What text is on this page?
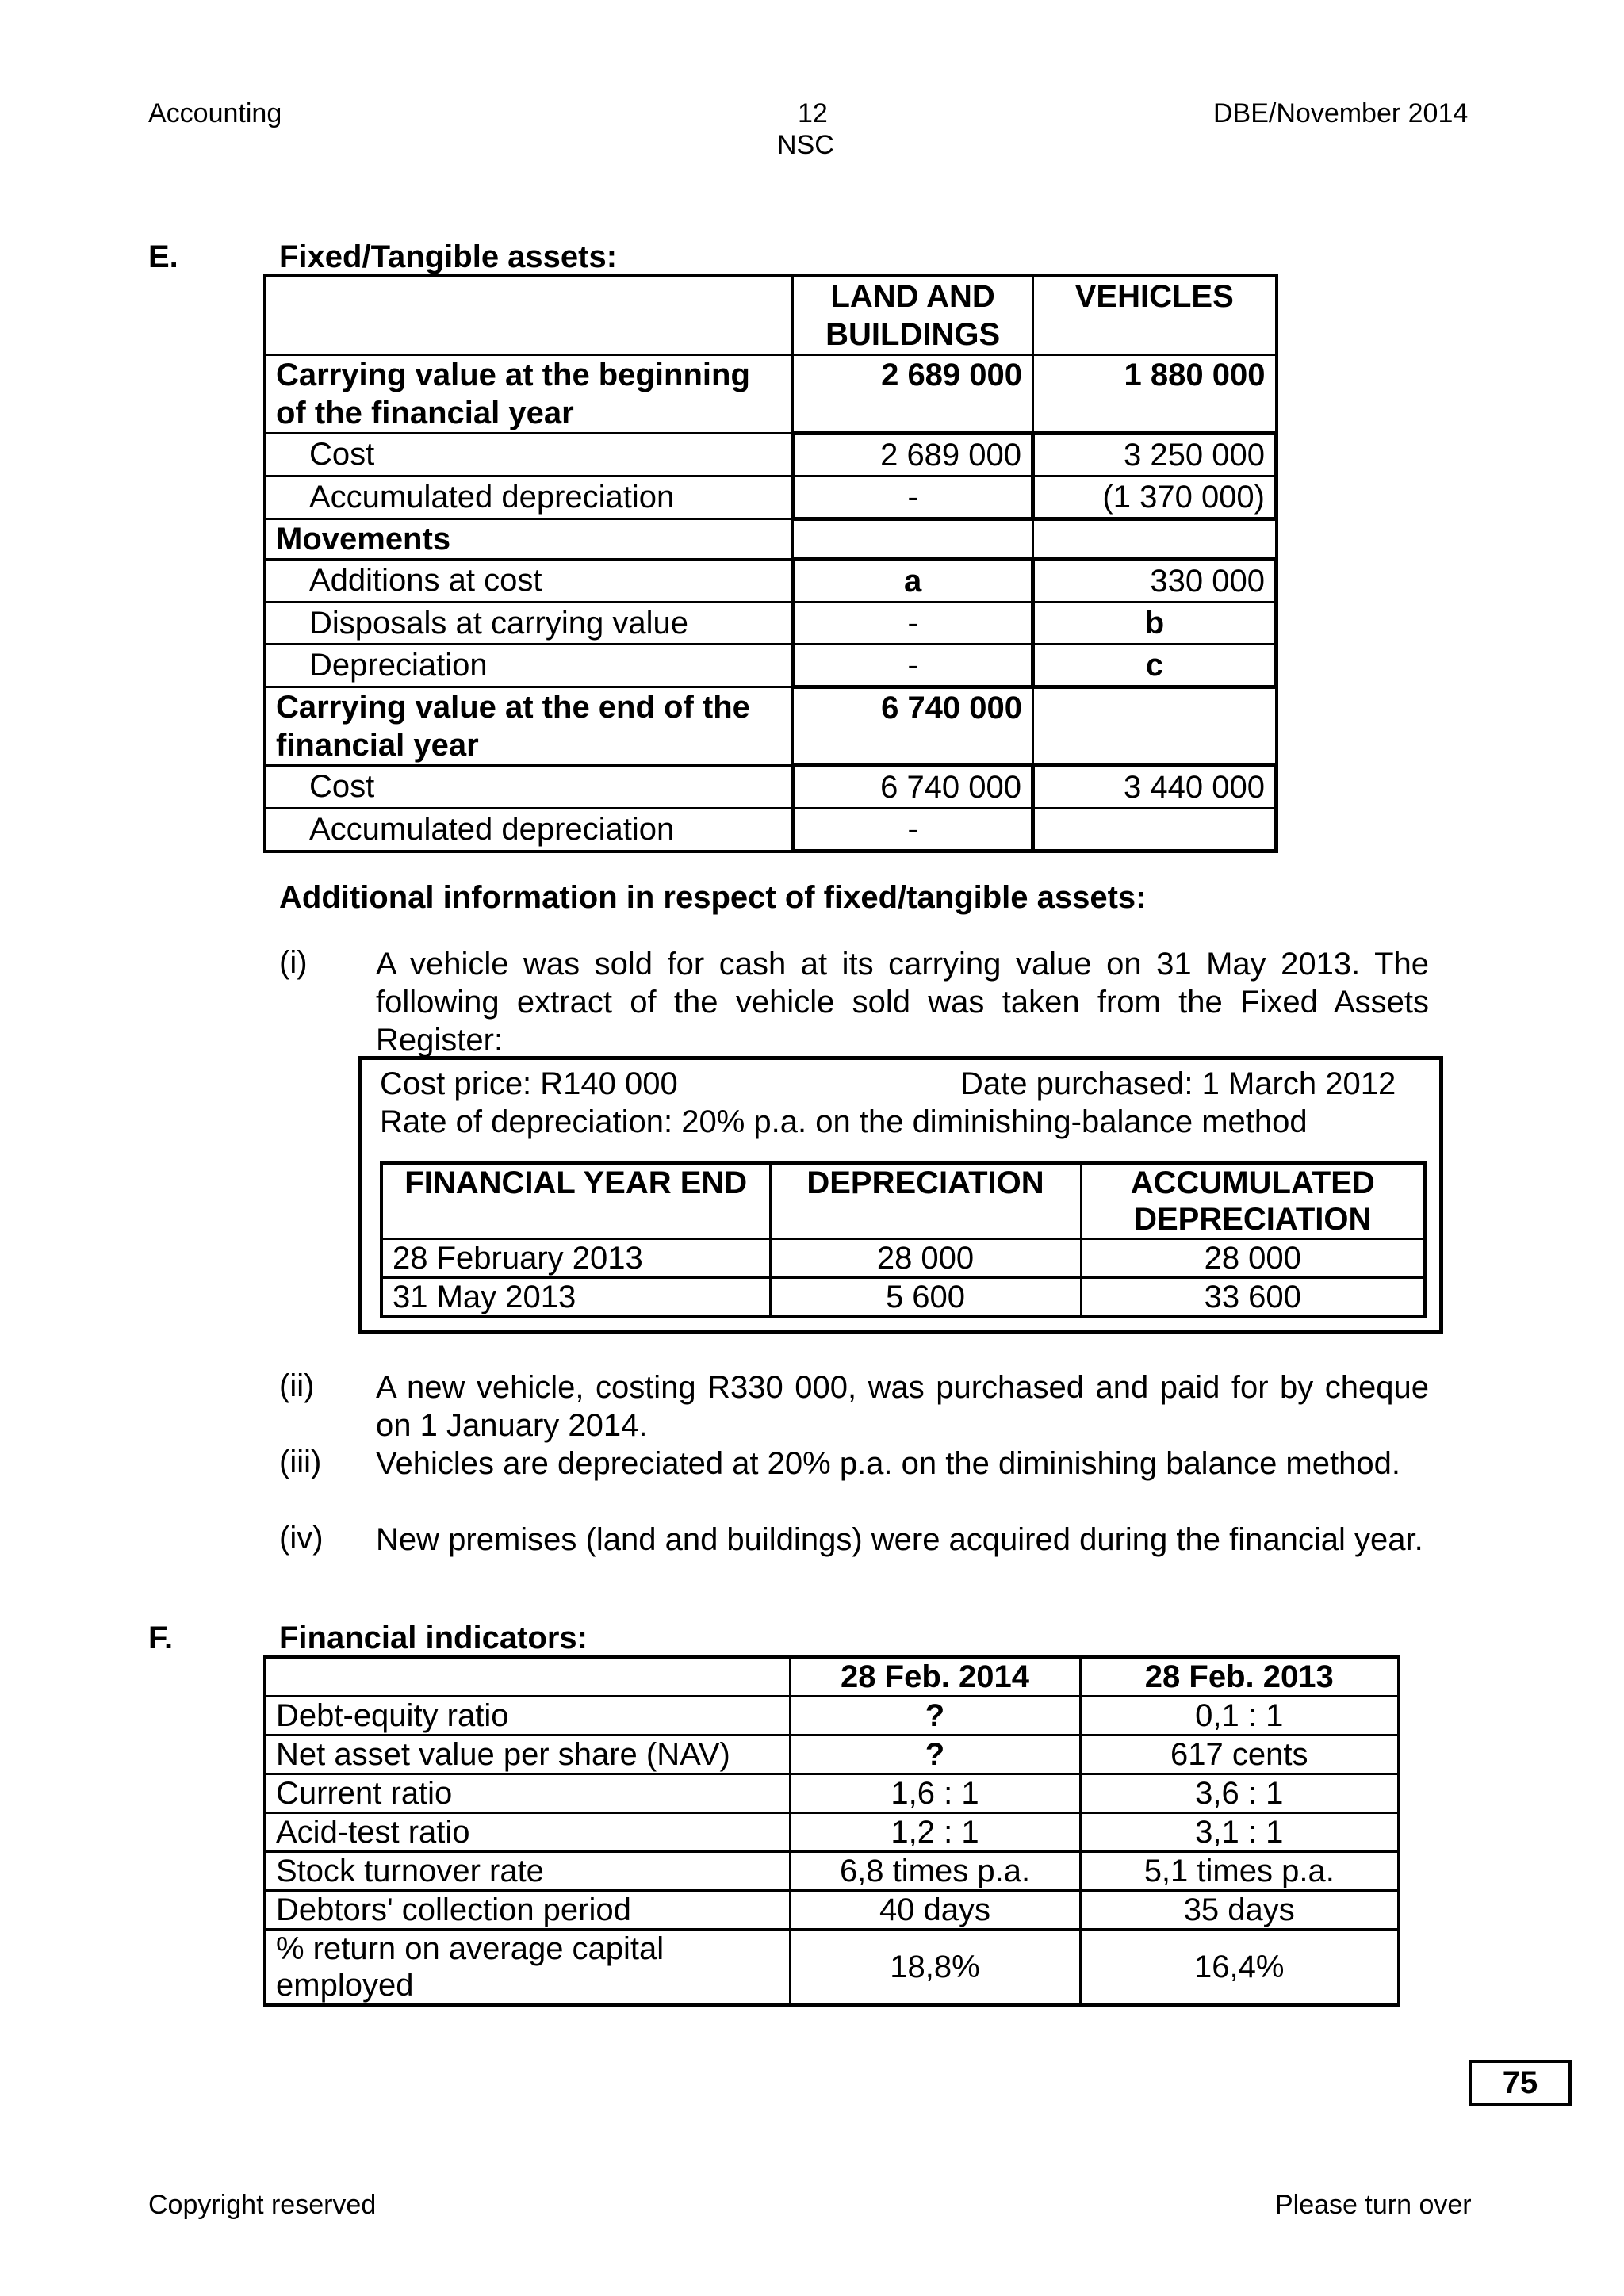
Accounting	12
NSC
DBE/November 2014
E.	Fixed/Tangible assets:
	LAND AND BUILDINGS	VEHICLES
Carrying value at the beginning of the financial year	2 689 000	1 880 000
Cost	2 689 000	3 250 000
Accumulated depreciation	-	(1 370 000)
Movements		
Additions at cost	a	330 000
Disposals at carrying value	-	b
Depreciation	-	c
Carrying value at the end of the financial year	6 740 000	
Cost	6 740 000	3 440 000
Accumulated depreciation	-	
Additional information in respect of fixed/tangible assets:
(i) A vehicle was sold for cash at its carrying value on 31 May 2013. The following extract of the vehicle sold was taken from the Fixed Assets Register:
Cost price: R140 000	Date purchased: 1 March 2012
Rate of depreciation: 20% p.a. on the diminishing-balance method
FINANCIAL YEAR END	DEPRECIATION	ACCUMULATED DEPRECIATION
28 February 2013	28 000	28 000
31 May 2013	5 600	33 600
(ii) A new vehicle, costing R330 000, was purchased and paid for by cheque on 1 January 2014.
(iii) Vehicles are depreciated at 20% p.a. on the diminishing balance method.
(iv) New premises (land and buildings) were acquired during the financial year.
F.	Financial indicators:
	28 Feb. 2014	28 Feb. 2013
Debt-equity ratio	?	0,1 : 1
Net asset value per share (NAV)	?	617 cents
Current ratio	1,6 : 1	3,6 : 1
Acid-test ratio	1,2 : 1	3,1 : 1
Stock turnover rate	6,8 times p.a.	5,1 times p.a.
Debtors' collection period	40 days	35 days
% return on average capital employed	18,8%	16,4%
75
Copyright reserved	Please turn over
